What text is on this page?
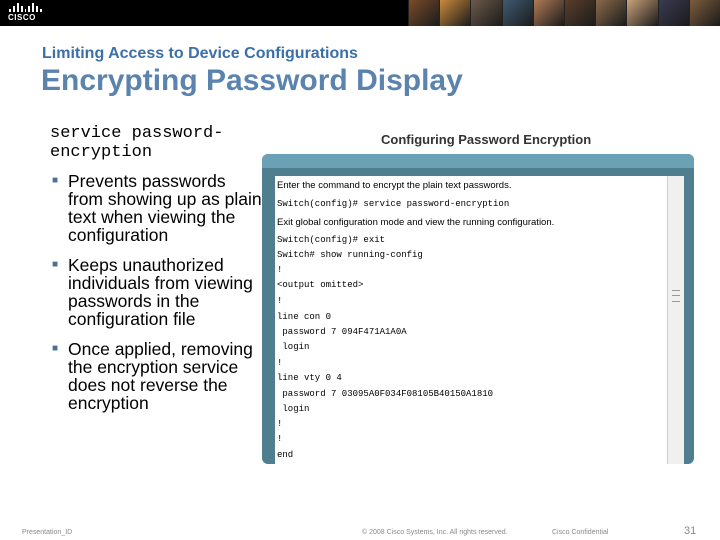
CISCO
Limiting Access to Device Configurations
Encrypting Password Display
service password-
encryption
■ Prevents passwords from showing up as plain text when viewing the configuration
■ Keeps unauthorized individuals from viewing passwords in the configuration file
■ Once applied, removing the encryption service does not reverse the encryption
Configuring Password Encryption
Enter the command to encrypt the plain text passwords.
Switch(config)# service password-encryption
Exit global configuration mode and view the running configuration.
Switch(config)# exit
Switch# show running-config
!
<output omitted>
!
line con 0
password 7 094F471A1A0A
login
!
line vty 0 4
password 7 03095A0F034F08105B40150A1810
login
!
!
end
Presentation_ID	© 2008 Cisco Systems, Inc. All rights reserved.	Cisco Confidential	31
